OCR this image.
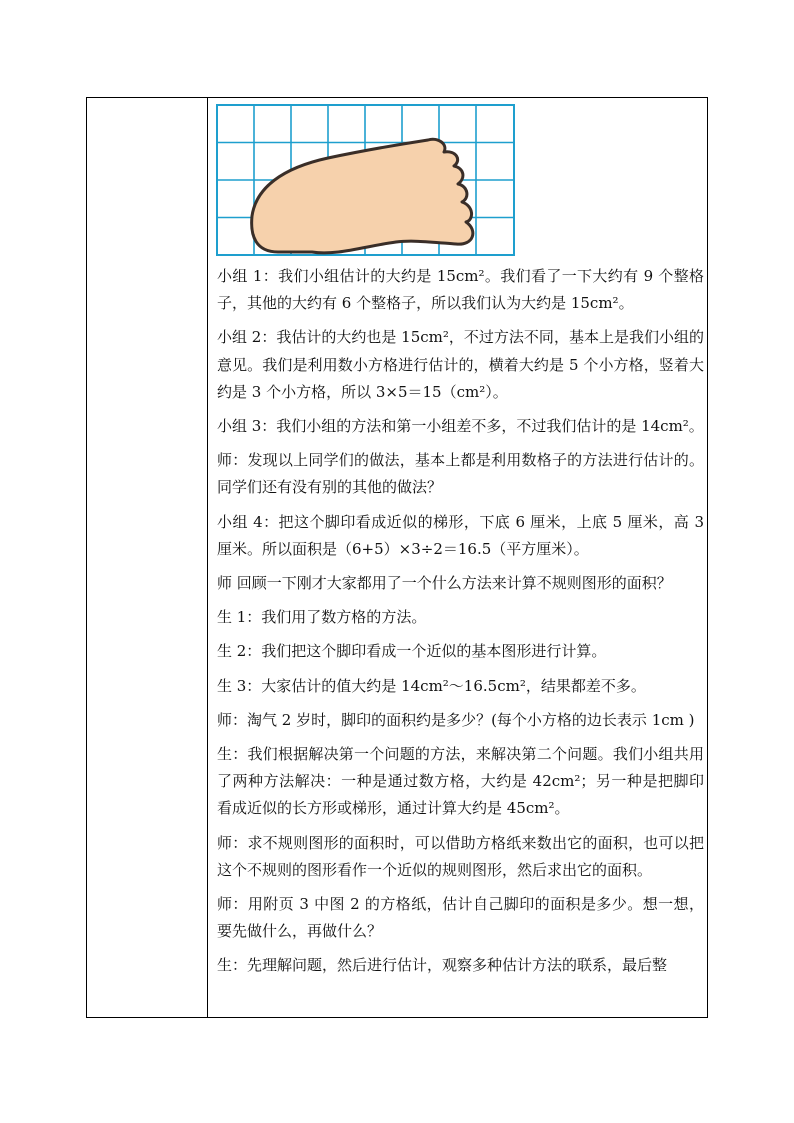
小组 1：我们小组估计的大约是 15cm²。我们看了一下大约有 9 个整格子，其他的大约有 6 个整格子，所以我们认为大约是 15cm²。

小组 2：我估计的大约也是 15cm²，不过方法不同，基本上是我们小组的意见。我们是利用数小方格进行估计的，横着大约是 5 个小方格，竖着大约是 3 个小方格，所以 3×5＝15（cm²）。

小组 3：我们小组的方法和第一小组差不多，不过我们估计的是 14cm²。

师：发现以上同学们的做法，基本上都是利用数格子的方法进行估计的。同学们还有没有别的其他的做法？

小组 4：把这个脚印看成近似的梯形，下底 6 厘米，上底 5 厘米，高 3 厘米。所以面积是（6+5）×3÷2＝16.5（平方厘米）。

师 回顾一下刚才大家都用了一个什么方法来计算不规则图形的面积？

生 1：我们用了数方格的方法。

生 2：我们把这个脚印看成一个近似的基本图形进行计算。

生 3：大家估计的值大约是 14cm²～16.5cm²，结果都差不多。

师：淘气 2 岁时，脚印的面积约是多少？(每个小方格的边长表示 1cm )

生：我们根据解决第一个问题的方法，来解决第二个问题。我们小组共用了两种方法解决：一种是通过数方格，大约是 42cm²；另一种是把脚印看成近似的长方形或梯形，通过计算大约是 45cm²。

师：求不规则图形的面积时，可以借助方格纸来数出它的面积，也可以把这个不规则的图形看作一个近似的规则图形，然后求出它的面积。

师：用附页 3 中图 2 的方格纸，估计自己脚印的面积是多少。想一想，要先做什么，再做什么？

生：先理解问题，然后进行估计，观察多种估计方法的联系，最后整
